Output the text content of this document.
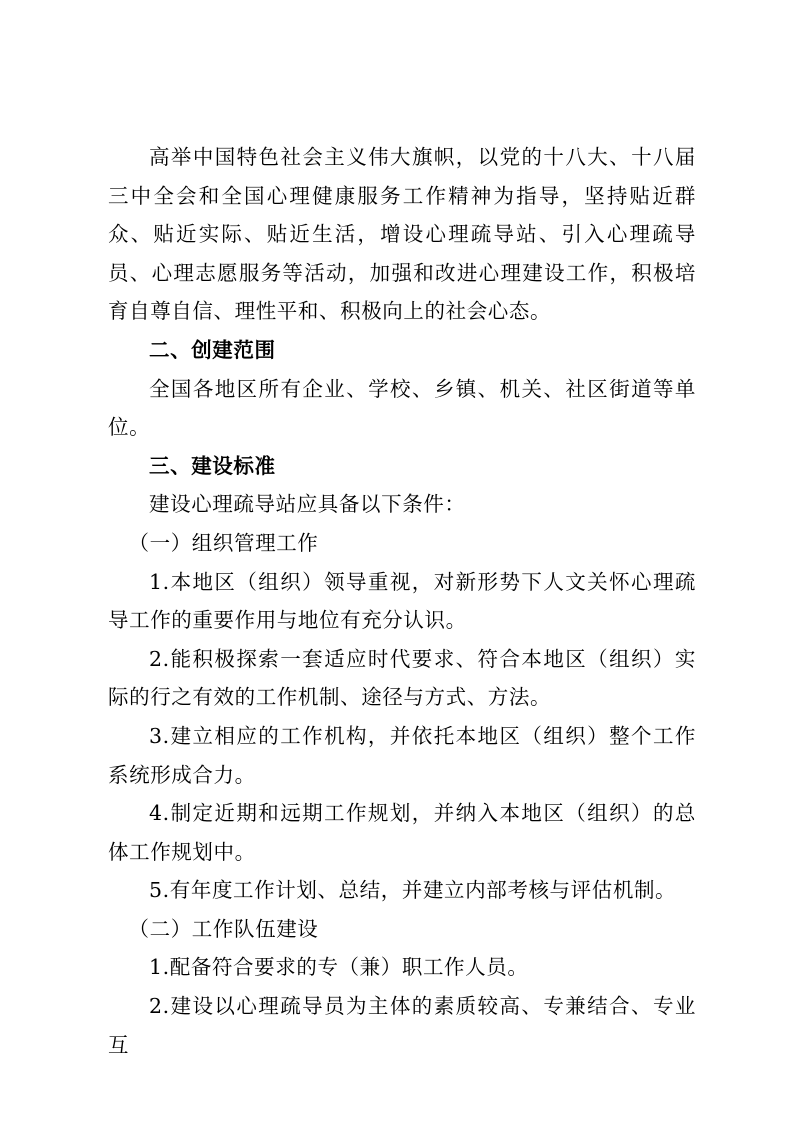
高举中国特色社会主义伟大旗帜，以党的十八大、十八届三中全会和全国心理健康服务工作精神为指导，坚持贴近群众、贴近实际、贴近生活，增设心理疏导站、引入心理疏导员、心理志愿服务等活动，加强和改进心理建设工作，积极培育自尊自信、理性平和、积极向上的社会心态。

二、创建范围

全国各地区所有企业、学校、乡镇、机关、社区街道等单位。

三、建设标准

建设心理疏导站应具备以下条件：

（一）组织管理工作

1.本地区（组织）领导重视，对新形势下人文关怀心理疏导工作的重要作用与地位有充分认识。

2.能积极探索一套适应时代要求、符合本地区（组织）实际的行之有效的工作机制、途径与方式、方法。

3.建立相应的工作机构，并依托本地区（组织）整个工作系统形成合力。

4.制定近期和远期工作规划，并纳入本地区（组织）的总体工作规划中。

5.有年度工作计划、总结，并建立内部考核与评估机制。

（二）工作队伍建设

1.配备符合要求的专（兼）职工作人员。

2.建设以心理疏导员为主体的素质较高、专兼结合、专业互
